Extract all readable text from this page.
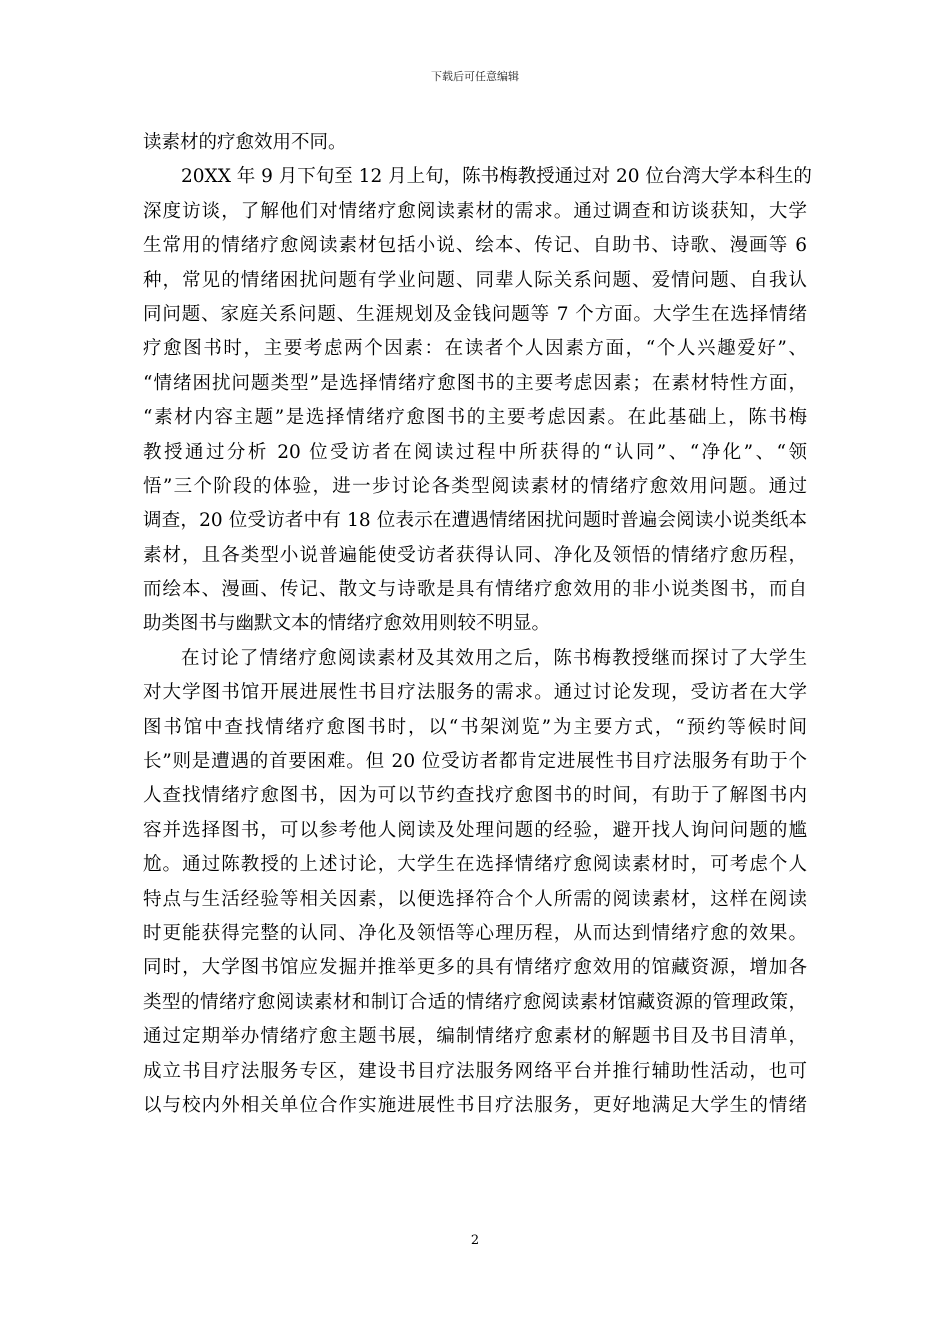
下载后可任意编辑
读素材的疗愈效用不同。
20XX 年 9 月下旬至 12 月上旬，陈书梅教授通过对 20 位台湾大学本科生的
深度访谈，了解他们对情绪疗愈阅读素材的需求。通过调查和访谈获知，大学
生常用的情绪疗愈阅读素材包括小说、绘本、传记、自助书、诗歌、漫画等 6
种，常见的情绪困扰问题有学业问题、同辈人际关系问题、爱情问题、自我认
同问题、家庭关系问题、生涯规划及金钱问题等 7 个方面。大学生在选择情绪
疗愈图书时，主要考虑两个因素：在读者个人因素方面，“个人兴趣爱好”、
“情绪困扰问题类型”是选择情绪疗愈图书的主要考虑因素；在素材特性方面，
“素材内容主题”是选择情绪疗愈图书的主要考虑因素。在此基础上，陈书梅
教授通过分析 20 位受访者在阅读过程中所获得的“认同”、“净化”、“领
悟”三个阶段的体验，进一步讨论各类型阅读素材的情绪疗愈效用问题。通过
调查，20 位受访者中有 18 位表示在遭遇情绪困扰问题时普遍会阅读小说类纸本
素材，且各类型小说普遍能使受访者获得认同、净化及领悟的情绪疗愈历程，
而绘本、漫画、传记、散文与诗歌是具有情绪疗愈效用的非小说类图书，而自
助类图书与幽默文本的情绪疗愈效用则较不明显。
在讨论了情绪疗愈阅读素材及其效用之后，陈书梅教授继而探讨了大学生
对大学图书馆开展进展性书目疗法服务的需求。通过讨论发现，受访者在大学
图书馆中查找情绪疗愈图书时，以“书架浏览”为主要方式，“预约等候时间
长”则是遭遇的首要困难。但 20 位受访者都肯定进展性书目疗法服务有助于个
人查找情绪疗愈图书，因为可以节约查找疗愈图书的时间，有助于了解图书内
容并选择图书，可以参考他人阅读及处理问题的经验，避开找人询问问题的尴
尬。通过陈教授的上述讨论，大学生在选择情绪疗愈阅读素材时，可考虑个人
特点与生活经验等相关因素，以便选择符合个人所需的阅读素材，这样在阅读
时更能获得完整的认同、净化及领悟等心理历程，从而达到情绪疗愈的效果。
同时，大学图书馆应发掘并推举更多的具有情绪疗愈效用的馆藏资源，增加各
类型的情绪疗愈阅读素材和制订合适的情绪疗愈阅读素材馆藏资源的管理政策，
通过定期举办情绪疗愈主题书展，编制情绪疗愈素材的解题书目及书目清单，
成立书目疗法服务专区，建设书目疗法服务网络平台并推行辅助性活动，也可
以与校内外相关单位合作实施进展性书目疗法服务，更好地满足大学生的情绪
2
